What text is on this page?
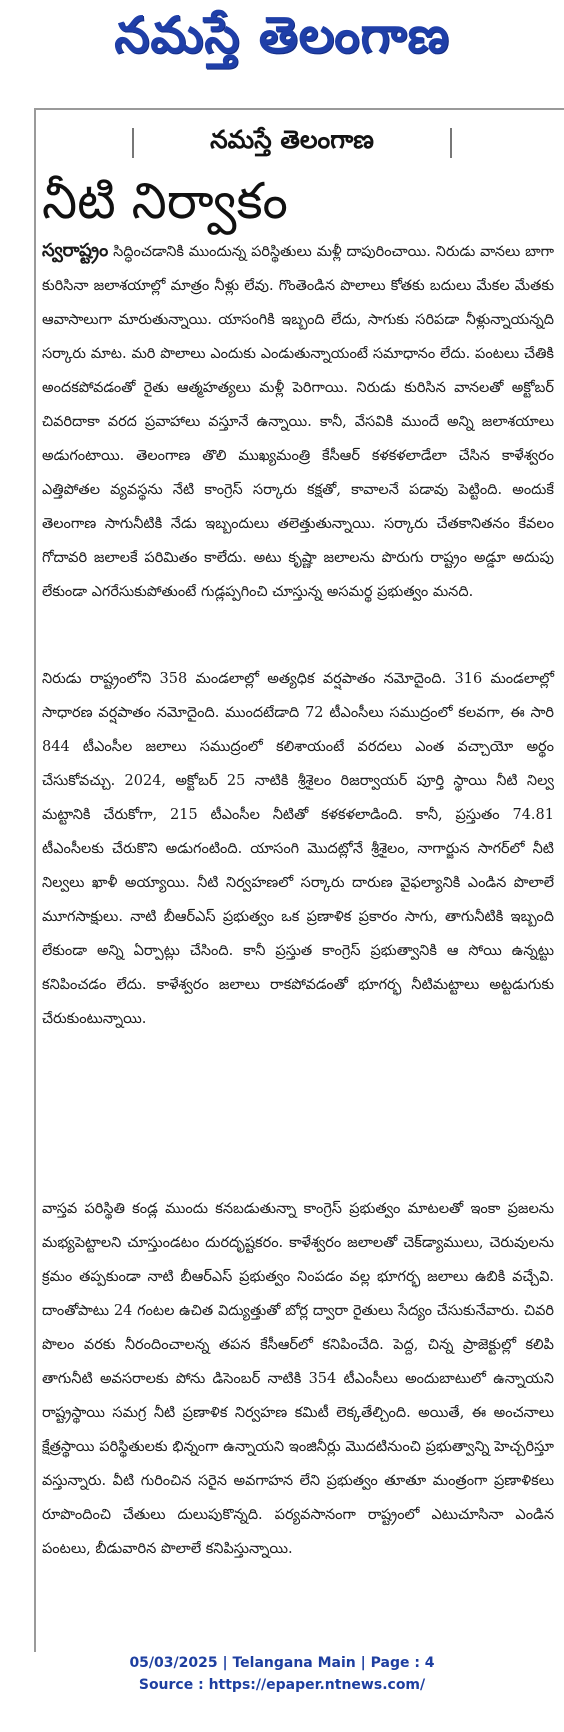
నమస్తే తెలంగాణ
నమస్తే తెలంగాణ
నీటి నిర్వాకం

స్వరాష్ట్రం సిద్ధించడానికి ముందున్న పరిస్థితులు మళ్లీ దాపురించాయి. నిరుడు వానలు బాగా కురిసినా జలాశయాల్లో మాత్రం నీళ్లు లేవు. గొంతెండిన పొలాలు కోతకు బదులు మేకల మేతకు ఆవాసాలుగా మారుతున్నాయి. యాసంగికి ఇబ్బంది లేదు, సాగుకు సరిపడా నీళ్లున్నాయన్నది సర్కారు మాట. మరి పొలాలు ఎందుకు ఎండుతున్నాయంటే సమాధానం లేదు. పంటలు చేతికి అందకపోవడంతో రైతు ఆత్మహత్యలు మళ్లీ పెరిగాయి. నిరుడు కురిసిన వానలతో అక్టోబర్ చివరిదాకా వరద ప్రవాహాలు వస్తూనే ఉన్నాయి. కానీ, వేసవికి ముందే అన్ని జలాశయాలు అడుగంటాయి. తెలంగాణ తొలి ముఖ్యమంత్రి కేసీఆర్ కళకళలాడేలా చేసిన కాళేశ్వరం ఎత్తిపోతల వ్యవస్థను నేటి కాంగ్రెస్ సర్కారు కక్షతో, కావాలనే పడావు పెట్టింది. అందుకే తెలంగాణ సాగునీటికి నేడు ఇబ్బందులు తలెత్తుతున్నాయి. సర్కారు చేతకానితనం కేవలం గోదావరి జలాలకే పరిమితం కాలేదు. అటు కృష్ణా జలాలను పొరుగు రాష్ట్రం అడ్డూ అదుపు లేకుండా ఎగరేసుకుపోతుంటే గుడ్లప్పగించి చూస్తున్న అసమర్థ ప్రభుత్వం మనది.

నిరుడు రాష్ట్రంలోని 358 మండలాల్లో అత్యధిక వర్షపాతం నమోదైంది. 316 మండలాల్లో సాధారణ వర్షపాతం నమోదైంది. ముందటేడాది 72 టీఎంసీలు సముద్రంలో కలవగా, ఈ సారి 844 టీఎంసీల జలాలు సముద్రంలో కలిశాయంటే వరదలు ఎంత వచ్చాయో అర్థం చేసుకోవచ్చు. 2024, అక్టోబర్ 25 నాటికి శ్రీశైలం రిజర్వాయర్ పూర్తి స్థాయి నీటి నిల్వ మట్టానికి చేరుకోగా, 215 టీఎంసీల నీటితో కళకళలాడింది. కానీ, ప్రస్తుతం 74.81 టీఎంసీలకు చేరుకొని అడుగంటింది. యాసంగి మొదట్లోనే శ్రీశైలం, నాగార్జున సాగర్‌లో నీటి నిల్వలు ఖాళీ అయ్యాయి. నీటి నిర్వహణలో సర్కారు దారుణ వైఫల్యానికి ఎండిన పొలాలే మూగసాక్షులు. నాటి బీఆర్‌ఎస్ ప్రభుత్వం ఒక ప్రణాళిక ప్రకారం సాగు, తాగునీటికి ఇబ్బంది లేకుండా అన్ని ఏర్పాట్లు చేసింది. కానీ ప్రస్తుత కాంగ్రెస్ ప్రభుత్వానికి ఆ సోయి ఉన్నట్టు కనిపించడం లేదు. కాళేశ్వరం జలాలు రాకపోవడంతో భూగర్భ నీటిమట్టాలు అట్టడుగుకు చేరుకుంటున్నాయి.

వాస్తవ పరిస్థితి కండ్ల ముందు కనబడుతున్నా కాంగ్రెస్ ప్రభుత్వం మాటలతో ఇంకా ప్రజలను మభ్యపెట్టాలని చూస్తుండటం దురదృష్టకరం. కాళేశ్వరం జలాలతో చెక్‌డ్యాములు, చెరువులను క్రమం తప్పకుండా నాటి బీఆర్‌ఎస్ ప్రభుత్వం నింపడం వల్ల భూగర్భ జలాలు ఉబికి వచ్చేవి. దాంతోపాటు 24 గంటల ఉచిత విద్యుత్తుతో బోర్ల ద్వారా రైతులు సేద్యం చేసుకునేవారు. చివరి పొలం వరకు నీరందించాలన్న తపన కేసీఆర్‌లో కనిపించేది. పెద్ద, చిన్న ప్రాజెక్టుల్లో కలిపి తాగునీటి అవసరాలకు పోను డిసెంబర్ నాటికి 354 టీఎంసీలు అందుబాటులో ఉన్నాయని రాష్ట్రస్థాయి సమగ్ర నీటి ప్రణాళిక నిర్వహణ కమిటీ లెక్కతేల్చింది. అయితే, ఈ అంచనాలు క్షేత్రస్థాయి పరిస్థితులకు భిన్నంగా ఉన్నాయని ఇంజినీర్లు మొదటినుంచి ప్రభుత్వాన్ని హెచ్చరిస్తూ వస్తున్నారు. వీటి గురించిన సరైన అవగాహన లేని ప్రభుత్వం తూతూ మంత్రంగా ప్రణాళికలు రూపొందించి చేతులు దులుపుకొన్నది. పర్యవసానంగా రాష్ట్రంలో ఎటుచూసినా ఎండిన పంటలు, బీడువారిన పొలాలే కనిపిస్తున్నాయి.

05/03/2025 | Telangana Main | Page : 4
Source : https://epaper.ntnews.com/
